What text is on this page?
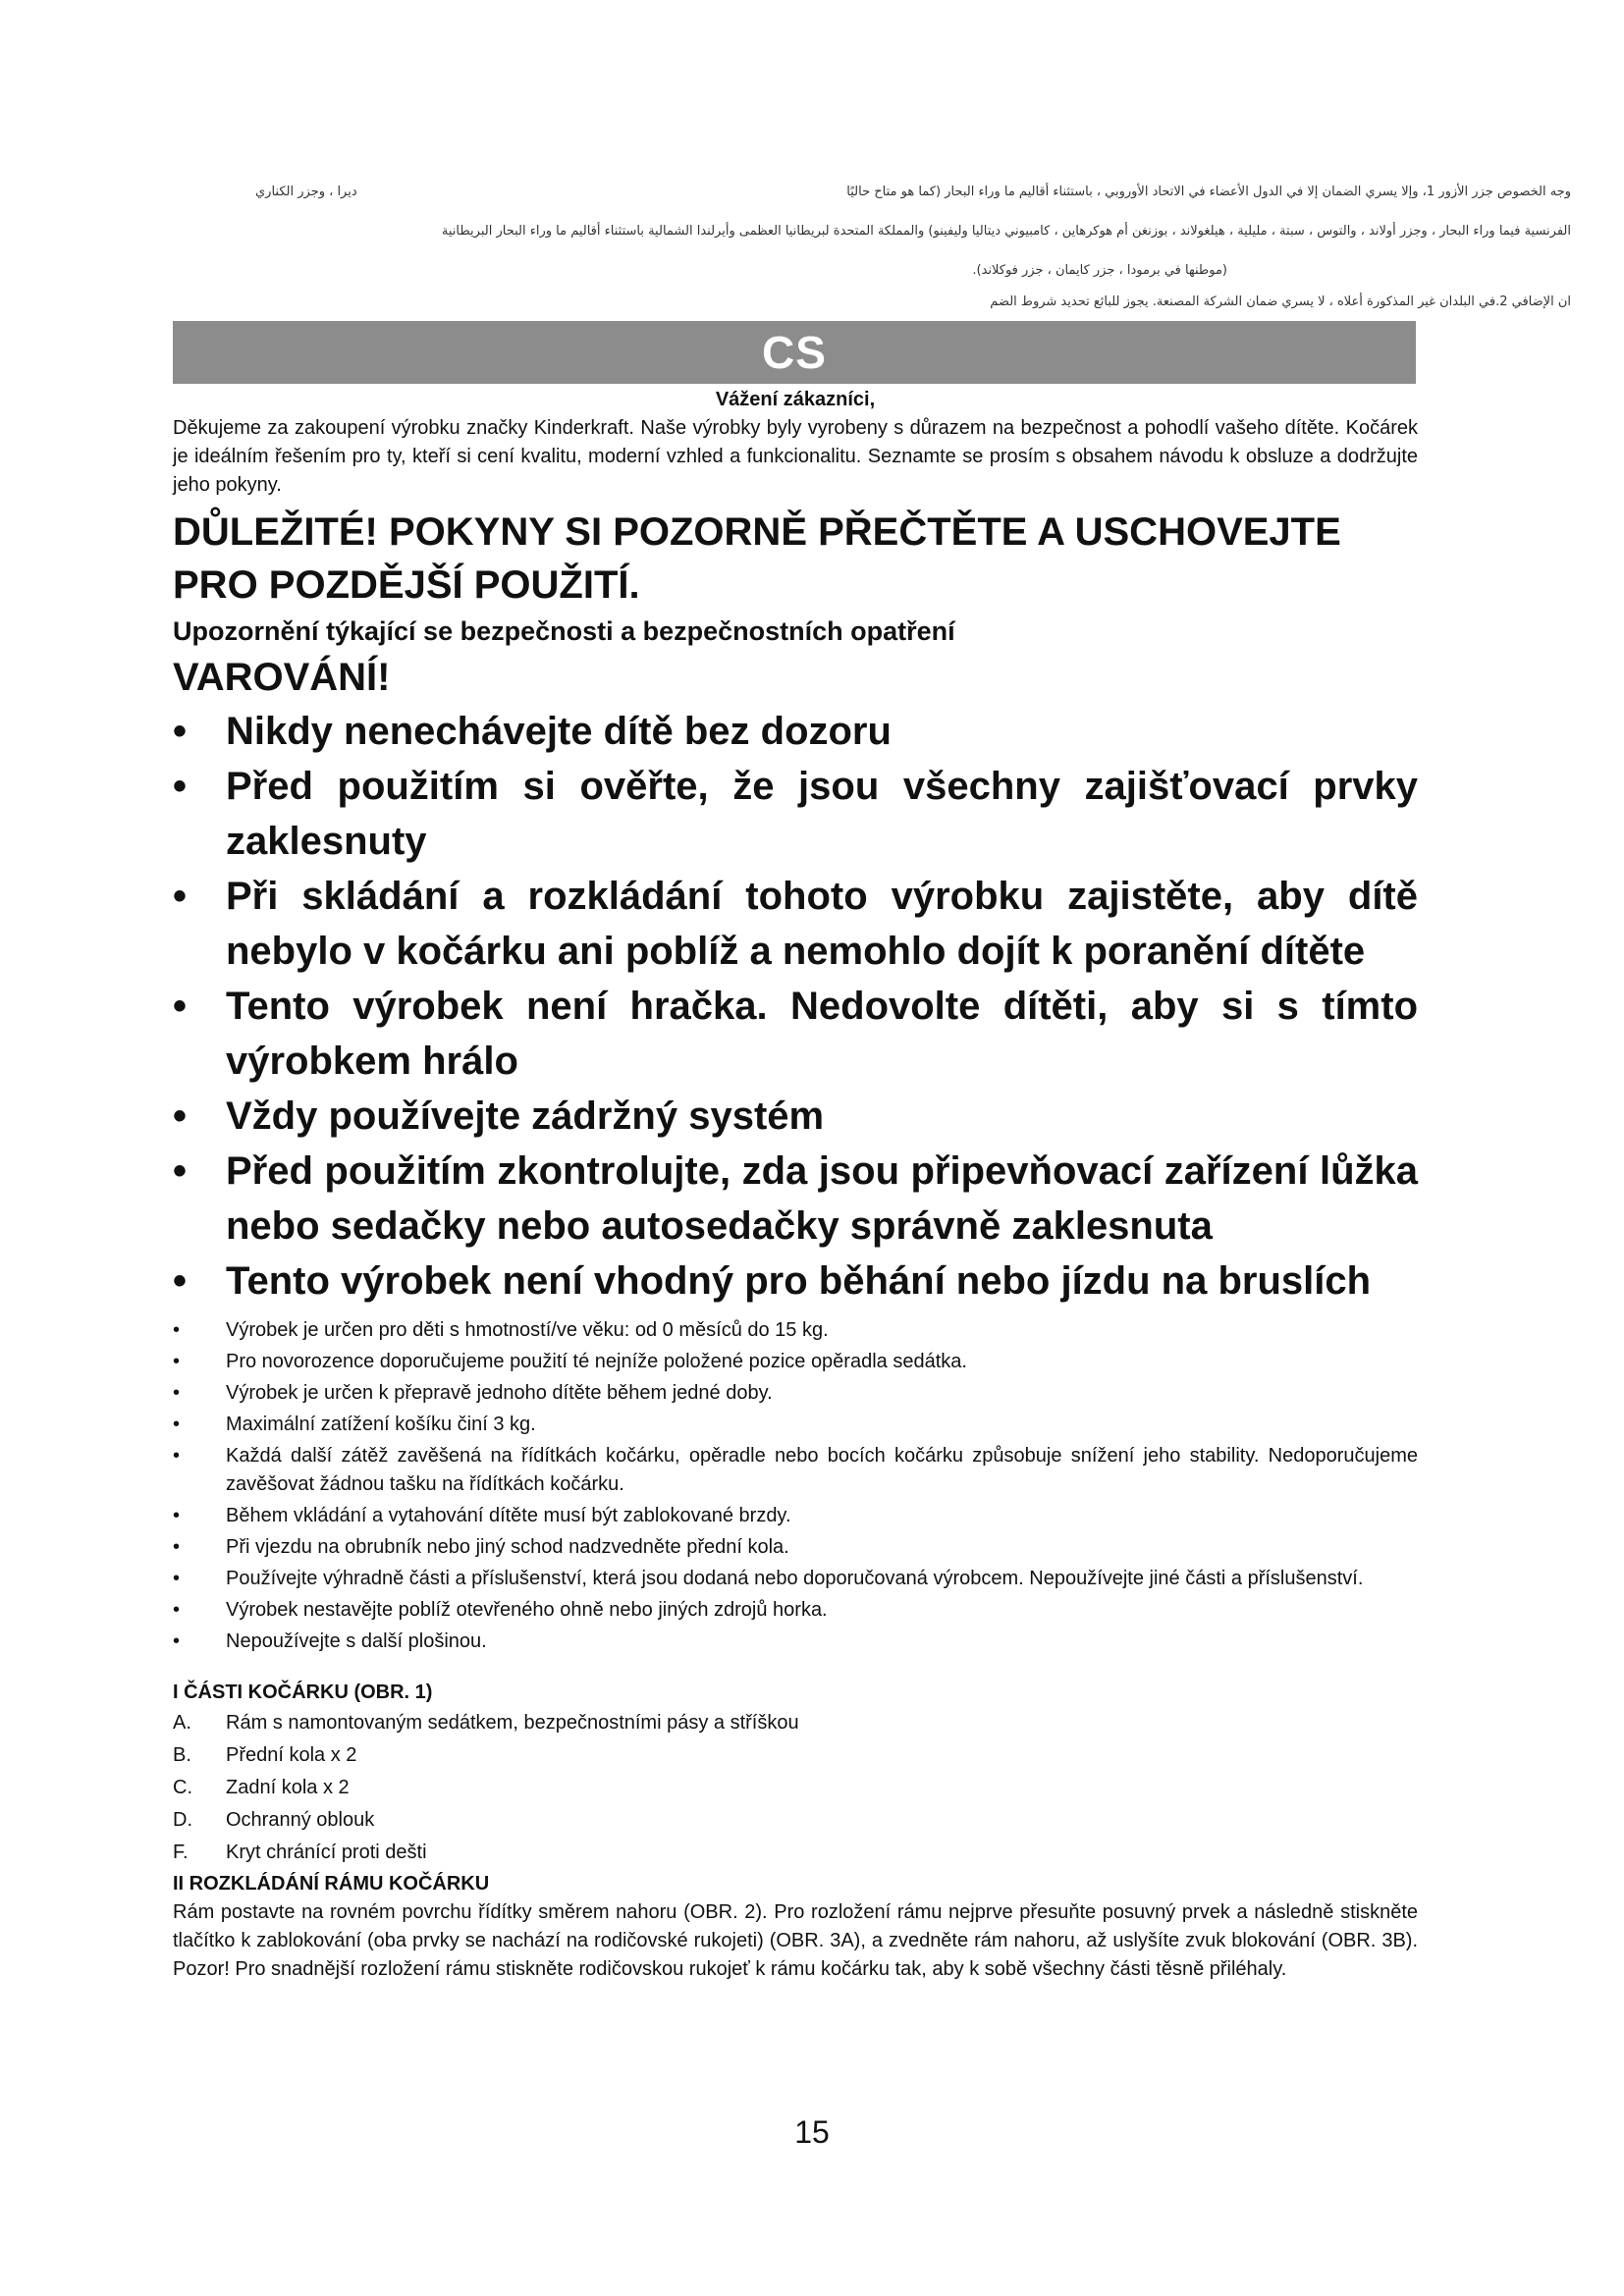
وجه الخصوص جزر الأزور 1، وإلا يسري الضمان إلا في الدول الأعضاء في الاتحاد الأوروبي ، باستثناء أقاليم ما وراء البحار (كما هو متاح حاليًا
ديرا ، وجزر الكناري
الفرنسية فيما وراء البحار ، وجزر أولاند ، والتوس ، سبتة ، مليلية ، هيلغولاند ، بوزنغن أم هوكرهاين ، كامبيوني ديتاليا وليفينو) والمملكة المتحدة لبريطانيا العظمى وأيرلندا الشمالية باستثناء أقاليم ما وراء البحار البريطانية
(موطنها في برمودا ، جزر كايمان ، جزر فوكلاند).
ان الإضافي 2.في البلدان غير المذكورة أعلاه ، لا يسري ضمان الشركة المصنعة. يجوز للبائع تحديد شروط الضم
CS

Vážení zákazníci,

Děkujeme za zakoupení výrobku značky Kinderkraft. Naše výrobky byly vyrobeny s důrazem na bezpečnost a pohodlí vašeho dítěte. Kočárek je ideálním řešením pro ty, kteří si cení kvalitu, moderní vzhled a funkcionalitu. Seznamte se prosím s obsahem návodu k obsluze a dodržujte jeho pokyny.

DŮLEŽITÉ! POKYNY SI POZORNĚ PŘEČTĚTE A USCHOVEJTE PRO POZDĚJŠÍ POUŽITÍ.

Upozornění týkající se bezpečnosti a bezpečnostních opatření

VAROVÁNÍ!

• Nikdy nenechávejte dítě bez dozoru
• Před použitím si ověřte, že jsou všechny zajišťovací prvky zaklesnuty
• Při skládání a rozkládání tohoto výrobku zajistěte, aby dítě nebylo v kočárku ani poblíž a nemohlo dojít k poranění dítěte
• Tento výrobek není hračka. Nedovolte dítěti, aby si s tímto výrobkem hrálo
• Vždy používejte zádržný systém
• Před použitím zkontrolujte, zda jsou připevňovací zařízení lůžka nebo sedačky nebo autosedačky správně zaklesnuta
• Tento výrobek není vhodný pro běhání nebo jízdu na bruslích
• Výrobek je určen pro děti s hmotností/ve věku: od 0 měsíců do 15 kg.
• Pro novorozence doporučujeme použití té nejníže položené pozice opěradla sedátka.
• Výrobek je určen k přepravě jednoho dítěte během jedné doby.
• Maximální zatížení košíku činí 3 kg.
• Každá další zátěž zavěšená na řídítkách kočárku, opěradle nebo bocích kočárku způsobuje snížení jeho stability. Nedoporučujeme zavěšovat žádnou tašku na řídítkách kočárku.
• Během vkládání a vytahování dítěte musí být zablokované brzdy.
• Při vjezdu na obrubník nebo jiný schod nadzvedněte přední kola.
• Používejte výhradně části a příslušenství, která jsou dodaná nebo doporučovaná výrobcem. Nepoužívejte jiné části a příslušenství.
• Výrobek nestavějte poblíž otevřeného ohně nebo jiných zdrojů horka.
• Nepoužívejte s další plošinou.

I ČÁSTI KOČÁRKU (OBR. 1)

A.	Rám s namontovaným sedátkem, bezpečnostními pásy a stříškou
B.	Přední kola x 2
C.	Zadní kola x 2
D.	Ochranný oblouk
F.	Kryt chránící proti dešti

II ROZKLÁDÁNÍ RÁMU KOČÁRKU

Rám postavte na rovném povrchu řídítky směrem nahoru (OBR. 2). Pro rozložení rámu nejprve přesuňte posuvný prvek a následně stiskněte tlačítko k zablokování (oba prvky se nachází na rodičovské rukojeti) (OBR. 3A), a zvedněte rám nahoru, až uslyšíte zvuk blokování (OBR. 3B). Pozor! Pro snadnější rozložení rámu stiskněte rodičovskou rukojeť k rámu kočárku tak, aby k sobě všechny části těsně přiléhaly.

15
